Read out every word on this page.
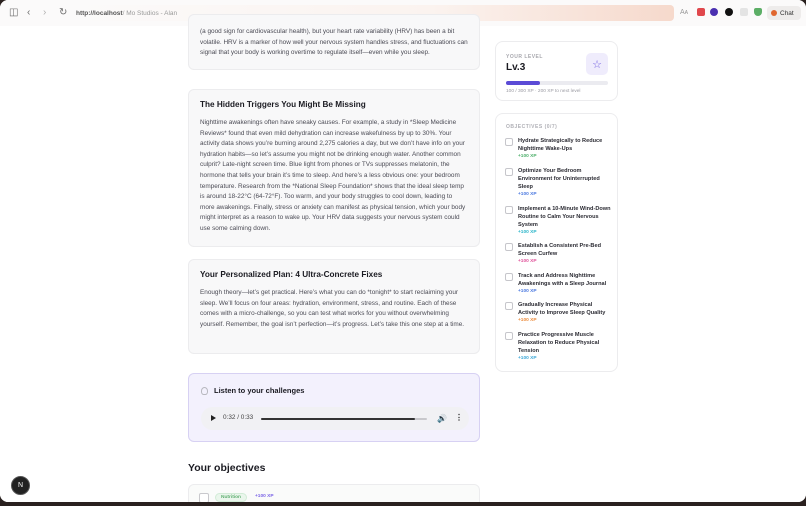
◫ ‹ › ↻ http://localhost / Mo Studios - Alan	Aᴀ	Chat

(a good sign for cardiovascular health), but your heart rate variability (HRV) has been a bit volatile. HRV is a marker of how well your nervous system handles stress, and fluctuations can signal that your body is working overtime to regulate itself—even while you sleep.

The Hidden Triggers You Might Be Missing

Nighttime awakenings often have sneaky causes. For example, a study in *Sleep Medicine Reviews* found that even mild dehydration can increase wakefulness by up to 30%. Your activity data shows you’re burning around 2,275 calories a day, but we don’t have info on your hydration habits—so let’s assume you might not be drinking enough water. Another common culprit? Late-night screen time. Blue light from phones or TVs suppresses melatonin, the hormone that tells your brain it’s time to sleep. And here’s a less obvious one: your bedroom temperature. Research from the *National Sleep Foundation* shows that the ideal sleep temp is around 18-22°C (64-72°F). Too warm, and your body struggles to cool down, leading to more awakenings. Finally, stress or anxiety can manifest as physical tension, which your body might interpret as a reason to wake up. Your HRV data suggests your nervous system could use some calming down.

Your Personalized Plan: 4 Ultra-Concrete Fixes

Enough theory—let’s get practical. Here’s what you can do *tonight* to start reclaiming your sleep. We’ll focus on four areas: hydration, environment, stress, and routine. Each of these comes with a micro-challenge, so you can test what works for you without overwhelming yourself. Remember, the goal isn’t perfection—it’s progress. Let’s take this one step at a time.

Listen to your challenges
0:32 / 0:33	🔊 ⋮
Your objectives
Nutrition	+100 XP
N
YOUR LEVEL
Lv.3	☆
100 / 300 XP · 200 XP to next level
OBJECTIVES (0/7)
Hydrate Strategically to Reduce Nighttime Wake-Ups
+100 XP
Optimize Your Bedroom Environment for Uninterrupted Sleep
+100 XP
Implement a 10-Minute Wind-Down Routine to Calm Your Nervous System
+100 XP
Establish a Consistent Pre-Bed Screen Curfew
+100 XP
Track and Address Nighttime Awakenings with a Sleep Journal
+100 XP
Gradually Increase Physical Activity to Improve Sleep Quality
+100 XP
Practice Progressive Muscle Relaxation to Reduce Physical Tension
+100 XP
